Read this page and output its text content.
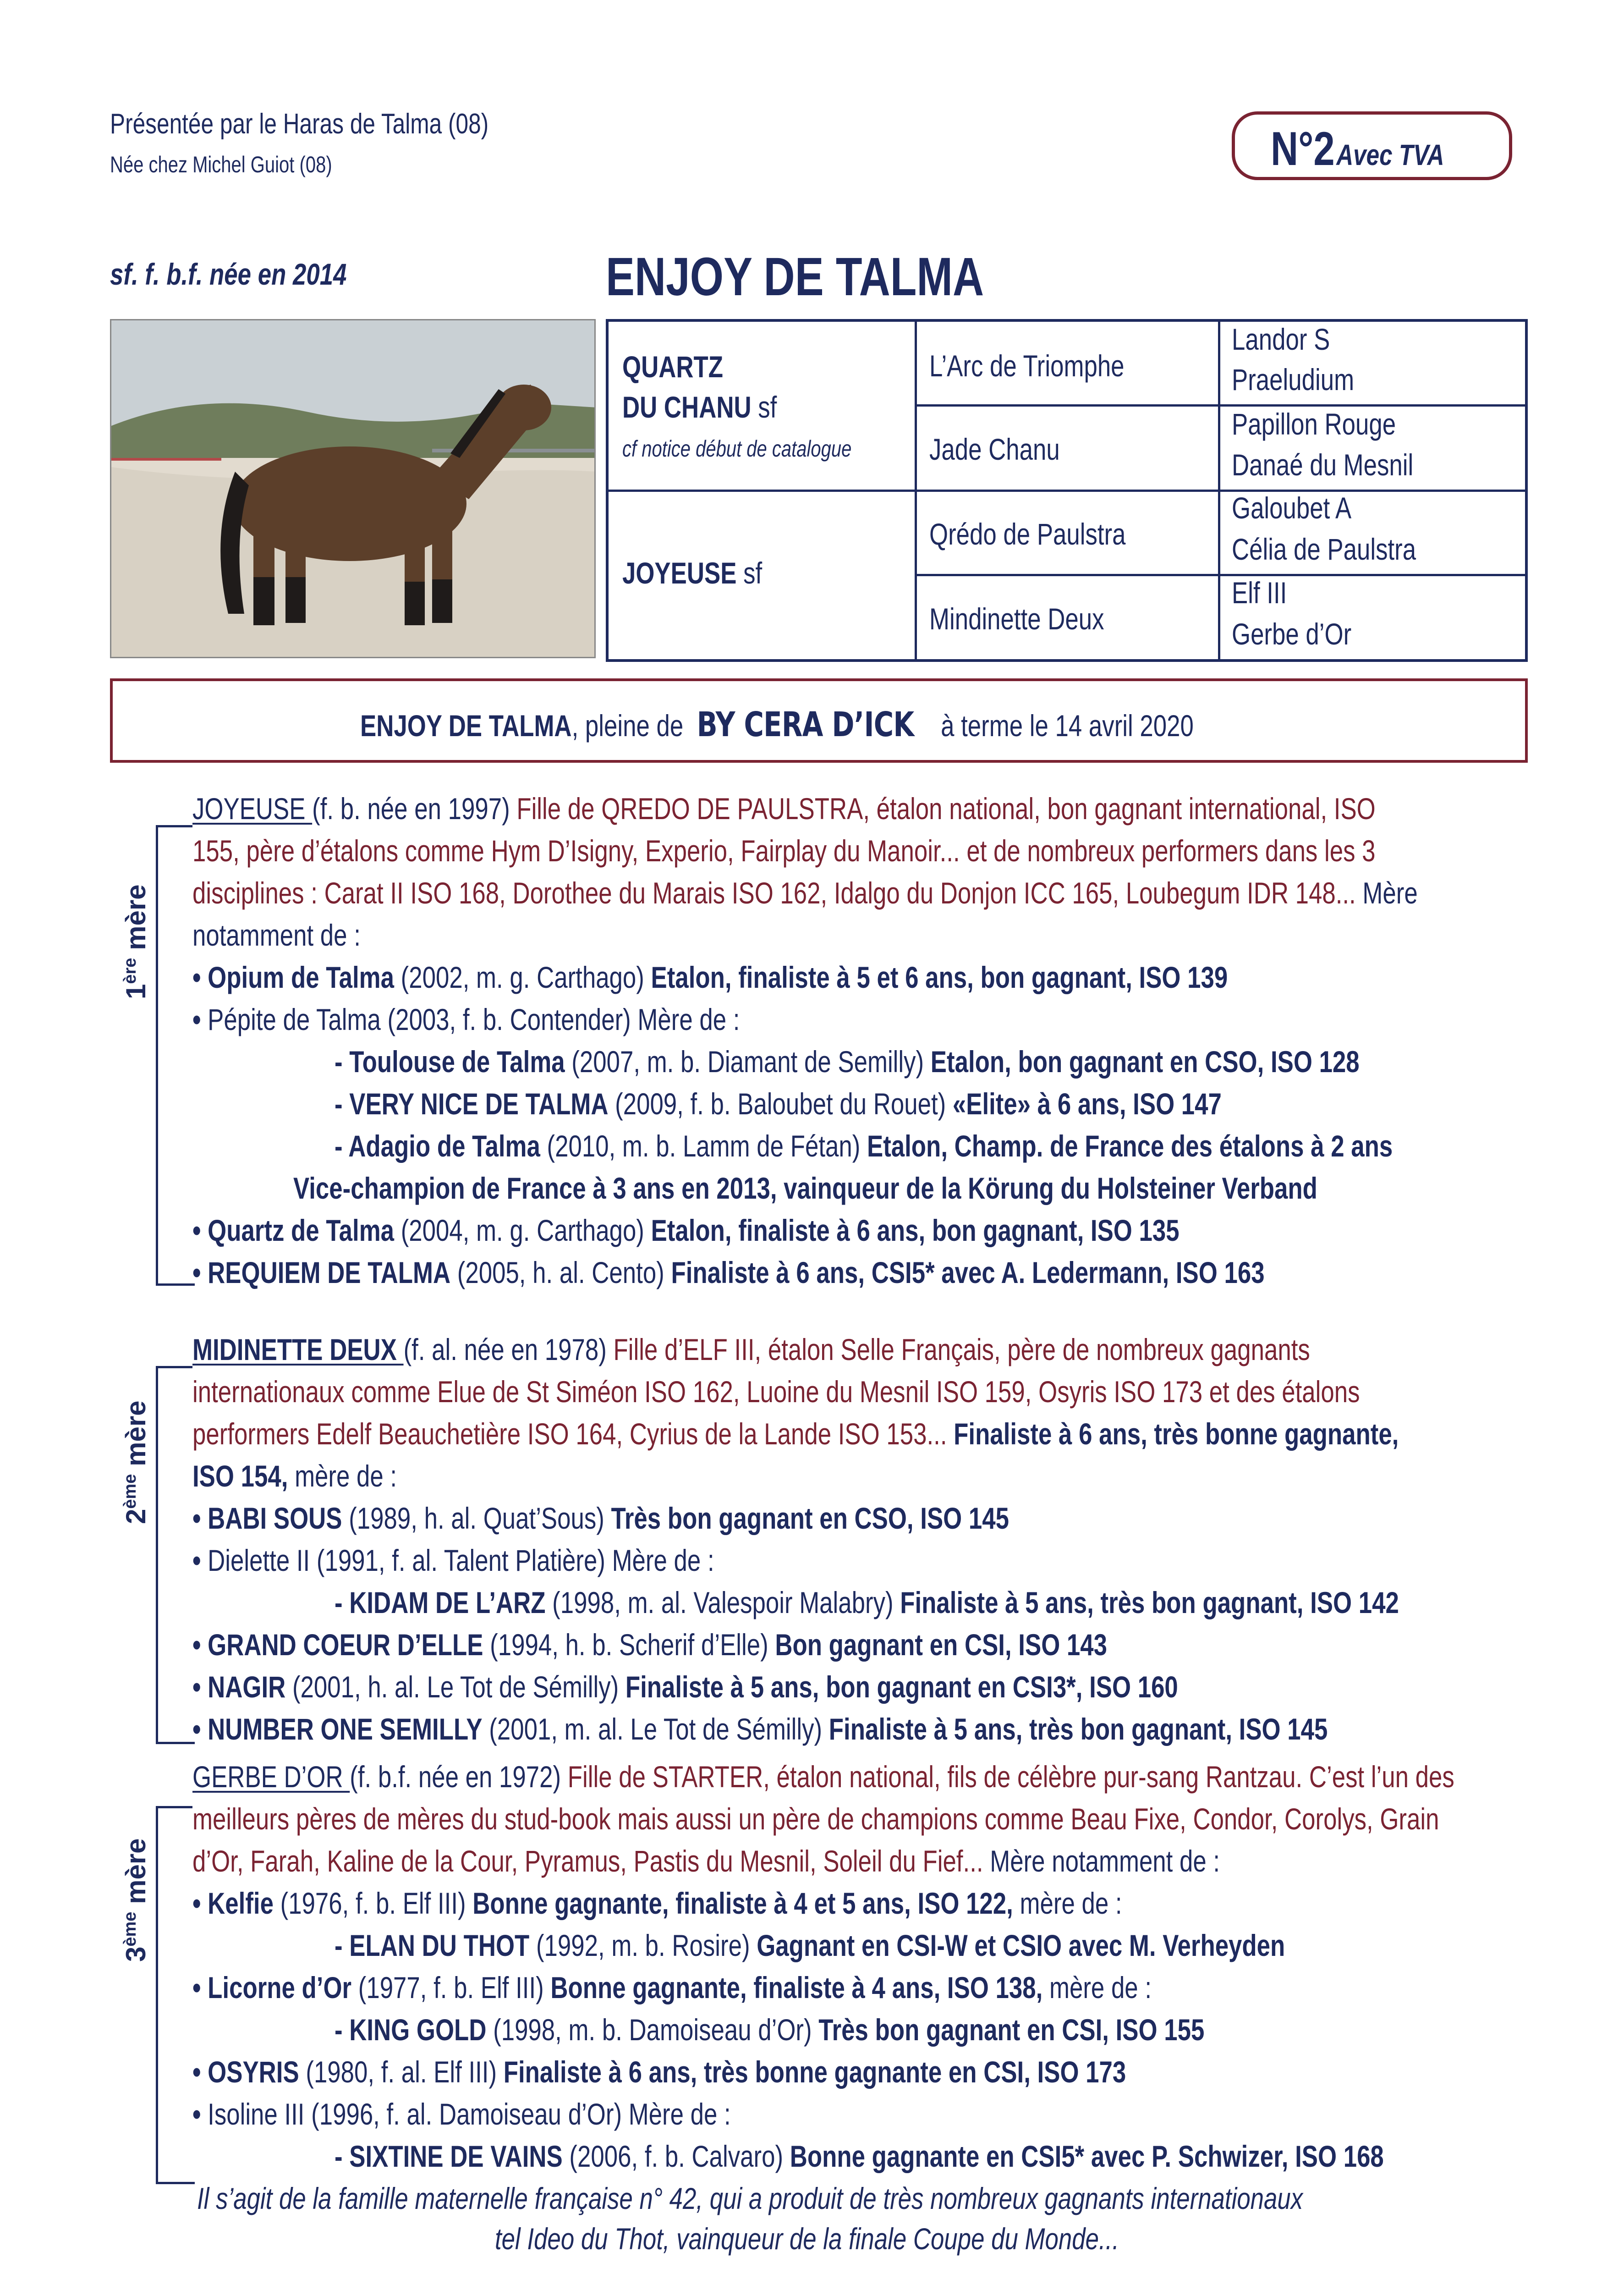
Présentée par le Haras de Talma (08)
Née chez Michel Guiot (08)	N°2 Avec TVA
sf. f. b.f. née en 2014	ENJOY DE TALMA
QUARTZ
DU CHANU sf
cf notice début de catalogue
JOYEUSE sf
L’Arc de Triomphe
Jade Chanu
Qrédo de Paulstra
Mindinette Deux
Landor S
Praeludium
Papillon Rouge
Danaé du Mesnil
Galoubet A
Célia de Paulstra
Elf III
Gerbe d’Or
ENJOY DE TALMA, pleine de BY CERA D’ICK à terme le 14 avril 2020
1ère mère
2ème mère
3ème mère
JOYEUSE (f. b. née en 1997) Fille de QREDO DE PAULSTRA, étalon national, bon gagnant international, ISO
155, père d’étalons comme Hym D’Isigny, Experio, Fairplay du Manoir... et de nombreux performers dans les 3
disciplines : Carat II ISO 168, Dorothee du Marais ISO 162, Idalgo du Donjon ICC 165, Loubegum IDR 148... Mère
notamment de :
• Opium de Talma (2002, m. g. Carthago) Etalon, finaliste à 5 et 6 ans, bon gagnant, ISO 139
• Pépite de Talma (2003, f. b. Contender) Mère de :
- Toulouse de Talma (2007, m. b. Diamant de Semilly) Etalon, bon gagnant en CSO, ISO 128
- VERY NICE DE TALMA (2009, f. b. Baloubet du Rouet) «Elite» à 6 ans, ISO 147
- Adagio de Talma (2010, m. b. Lamm de Fétan) Etalon, Champ. de France des étalons à 2 ans
Vice-champion de France à 3 ans en 2013, vainqueur de la Körung du Holsteiner Verband
• Quartz de Talma (2004, m. g. Carthago) Etalon, finaliste à 6 ans, bon gagnant, ISO 135
• REQUIEM DE TALMA (2005, h. al. Cento) Finaliste à 6 ans, CSI5* avec A. Ledermann, ISO 163
MIDINETTE DEUX (f. al. née en 1978) Fille d’ELF III, étalon Selle Français, père de nombreux gagnants
internationaux comme Elue de St Siméon ISO 162, Luoine du Mesnil ISO 159, Osyris ISO 173 et des étalons
performers Edelf Beauchetière ISO 164, Cyrius de la Lande ISO 153... Finaliste à 6 ans, très bonne gagnante,
ISO 154, mère de :
• BABI SOUS (1989, h. al. Quat’Sous) Très bon gagnant en CSO, ISO 145
• Dielette II (1991, f. al. Talent Platière) Mère de :
- KIDAM DE L’ARZ (1998, m. al. Valespoir Malabry) Finaliste à 5 ans, très bon gagnant, ISO 142
• GRAND COEUR D’ELLE (1994, h. b. Scherif d’Elle) Bon gagnant en CSI, ISO 143
• NAGIR (2001, h. al. Le Tot de Sémilly) Finaliste à 5 ans, bon gagnant en CSI3*, ISO 160
• NUMBER ONE SEMILLY (2001, m. al. Le Tot de Sémilly) Finaliste à 5 ans, très bon gagnant, ISO 145
GERBE D’OR (f. b.f. née en 1972) Fille de STARTER, étalon national, fils de célèbre pur-sang Rantzau. C’est l’un des
meilleurs pères de mères du stud-book mais aussi un père de champions comme Beau Fixe, Condor, Corolys, Grain
d’Or, Farah, Kaline de la Cour, Pyramus, Pastis du Mesnil, Soleil du Fief... Mère notamment de :
• Kelfie (1976, f. b. Elf III) Bonne gagnante, finaliste à 4 et 5 ans, ISO 122, mère de :
- ELAN DU THOT (1992, m. b. Rosire) Gagnant en CSI-W et CSIO avec M. Verheyden
• Licorne d’Or (1977, f. b. Elf III) Bonne gagnante, finaliste à 4 ans, ISO 138, mère de :
- KING GOLD (1998, m. b. Damoiseau d’Or) Très bon gagnant en CSI, ISO 155
• OSYRIS (1980, f. al. Elf III) Finaliste à 6 ans, très bonne gagnante en CSI, ISO 173
• Isoline III (1996, f. al. Damoiseau d’Or) Mère de :
- SIXTINE DE VAINS (2006, f. b. Calvaro) Bonne gagnante en CSI5* avec P. Schwizer, ISO 168
Il s’agit de la famille maternelle française n° 42, qui a produit de très nombreux gagnants internationaux
tel Ideo du Thot, vainqueur de la finale Coupe du Monde...
